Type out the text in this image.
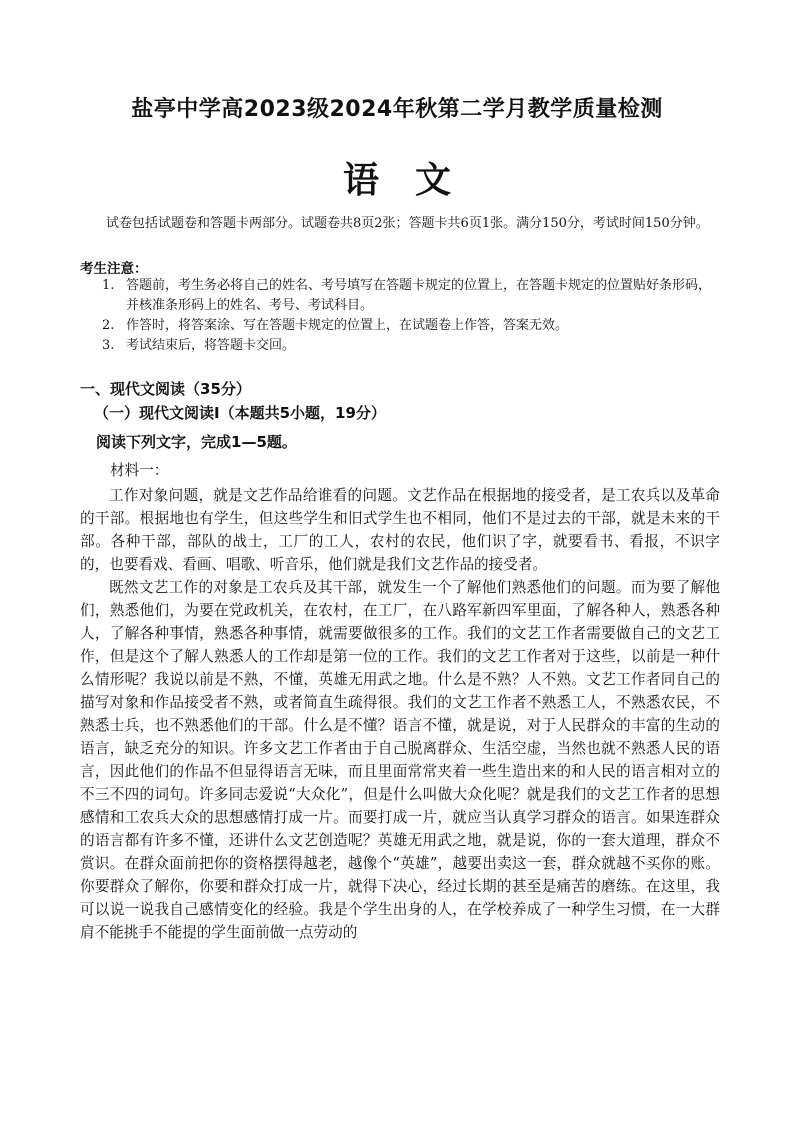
盐亭中学高2023级2024年秋第二学月教学质量检测
语　文
试卷包括试题卷和答题卡两部分。试题卷共8页2张；答题卡共6页1张。满分150分，考试时间150分钟。
考生注意：
1. 答题前，考生务必将自己的姓名、考号填写在答题卡规定的位置上，在答题卡规定的位置贴好条形码，并核准条形码上的姓名、考号、考试科目。
2. 作答时，将答案涂、写在答题卡规定的位置上，在试题卷上作答，答案无效。
3. 考试结束后，将答题卡交回。
一、现代文阅读（35分）
（一）现代文阅读Ⅰ（本题共5小题，19分）
阅读下列文字，完成1—5题。
材料一：

工作对象问题，就是文艺作品给谁看的问题。文艺作品在根据地的接受者，是工农兵以及革命的干部。根据地也有学生，但这些学生和旧式学生也不相同，他们不是过去的干部，就是未来的干部。各种干部，部队的战士，工厂的工人，农村的农民，他们识了字，就要看书、看报，不识字的，也要看戏、看画、唱歌、听音乐，他们就是我们文艺作品的接受者。

既然文艺工作的对象是工农兵及其干部，就发生一个了解他们熟悉他们的问题。而为要了解他们，熟悉他们，为要在党政机关，在农村，在工厂，在八路军新四军里面，了解各种人，熟悉各种人，了解各种事情，熟悉各种事情，就需要做很多的工作。我们的文艺工作者需要做自己的文艺工作，但是这个了解人熟悉人的工作却是第一位的工作。我们的文艺工作者对于这些，以前是一种什么情形呢？我说以前是不熟，不懂，英雄无用武之地。什么是不熟？人不熟。文艺工作者同自己的描写对象和作品接受者不熟，或者简直生疏得很。我们的文艺工作者不熟悉工人，不熟悉农民，不熟悉士兵，也不熟悉他们的干部。什么是不懂？语言不懂，就是说，对于人民群众的丰富的生动的语言，缺乏充分的知识。许多文艺工作者由于自己脱离群众、生活空虚，当然也就不熟悉人民的语言，因此他们的作品不但显得语言无味，而且里面常常夹着一些生造出来的和人民的语言相对立的不三不四的词句。许多同志爱说“大众化”，但是什么叫做大众化呢？就是我们的文艺工作者的思想感情和工农兵大众的思想感情打成一片。而要打成一片，就应当认真学习群众的语言。如果连群众的语言都有许多不懂，还讲什么文艺创造呢？英雄无用武之地，就是说，你的一套大道理，群众不赏识。在群众面前把你的资格摆得越老，越像个“英雄”，越要出卖这一套，群众就越不买你的账。你要群众了解你，你要和群众打成一片，就得下决心，经过长期的甚至是痛苦的磨练。在这里，我可以说一说我自己感情变化的经验。我是个学生出身的人，在学校养成了一种学生习惯，在一大群肩不能挑手不能提的学生面前做一点劳动的
